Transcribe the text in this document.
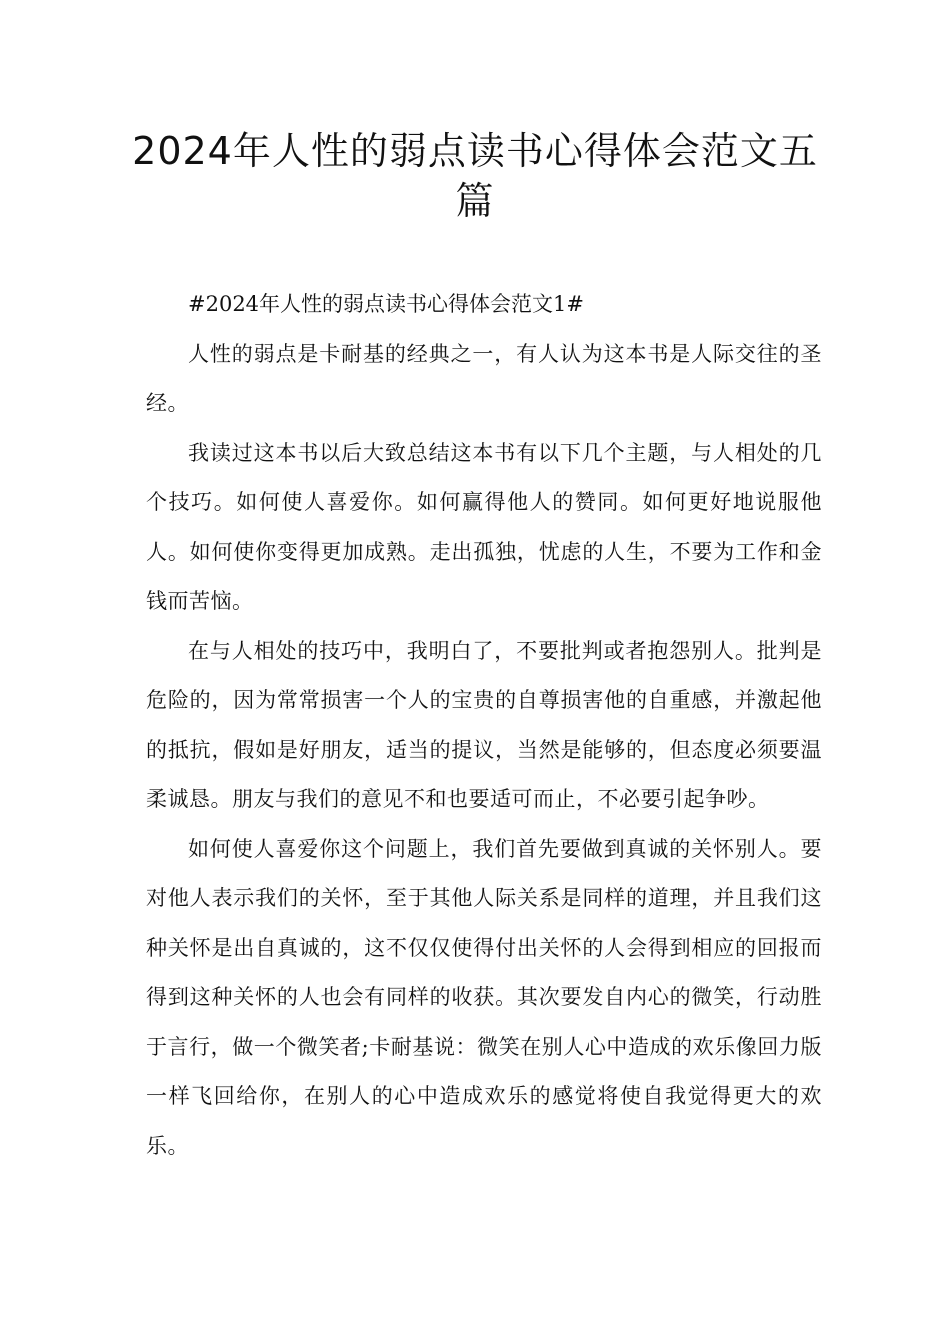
2024年人性的弱点读书心得体会范文五篇

#2024年人性的弱点读书心得体会范文1#

人性的弱点是卡耐基的经典之一，有人认为这本书是人际交往的圣经。

我读过这本书以后大致总结这本书有以下几个主题，与人相处的几个技巧。如何使人喜爱你。如何赢得他人的赞同。如何更好地说服他人。如何使你变得更加成熟。走出孤独，忧虑的人生，不要为工作和金钱而苦恼。

在与人相处的技巧中，我明白了，不要批判或者抱怨别人。批判是危险的，因为常常损害一个人的宝贵的自尊损害他的自重感，并激起他的抵抗，假如是好朋友，适当的提议，当然是能够的，但态度必须要温柔诚恳。朋友与我们的意见不和也要适可而止，不必要引起争吵。

如何使人喜爱你这个问题上，我们首先要做到真诚的关怀别人。要对他人表示我们的关怀，至于其他人际关系是同样的道理，并且我们这种关怀是出自真诚的，这不仅仅使得付出关怀的人会得到相应的回报而得到这种关怀的人也会有同样的收获。其次要发自内心的微笑，行动胜于言行，做一个微笑者;卡耐基说：微笑在别人心中造成的欢乐像回力版一样飞回给你，在别人的心中造成欢乐的感觉将使自我觉得更大的欢乐。
